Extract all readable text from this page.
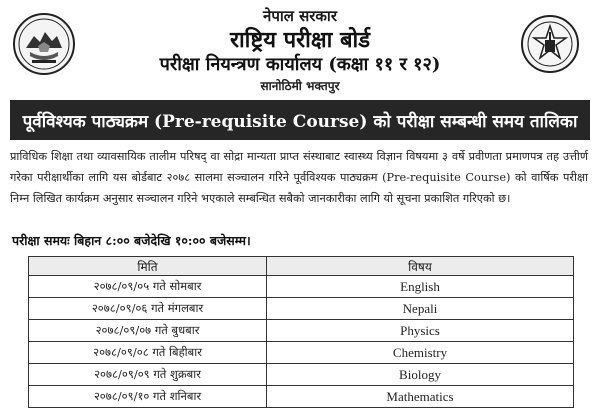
नेपाल सरकार
राष्ट्रिय परीक्षा बोर्ड
परीक्षा नियन्त्रण कार्यालय (कक्षा ११ र १२)
सानोठिमी भक्तपुर
पूर्वविश्यक पाठ्यक्रम (Pre-requisite Course) को परीक्षा सम्बन्धी समय तालिका
प्राविधिक शिक्षा तथा व्यावसायिक तालीम परिषद् वा सोद्रा मान्यता प्राप्त संस्थाबाट स्वास्थ्य विज्ञान विषयमा ३ वर्षे प्रवीणता प्रमाणपत्र तह उत्तीर्ण गरेका परीक्षार्थीका लागि यस बोर्डबाट २०७८ सालमा सञ्चालन गरिने पूर्वविश्यक पाठ्यक्रम (Pre-requisite Course) को वार्षिक परीक्षा निम्न लिखित कार्यक्रम अनुसार सञ्चालन गरिने भएकाले सम्बन्धित सबैको जानकारीका लागि यो सूचना प्रकाशित गरिएको छ।
परीक्षा समयः बिहान ८:०० बजेदेखि १०:०० बजेसम्म।
मिति	विषय
२०७८/०९/०५ गते सोमबार	English
२०७८/०९/०६ गते मंगलबार	Nepali
२०७८/०९/०७ गते बुधबार	Physics
२०७८/०९/०८ गते बिहीबार	Chemistry
२०७८/०९/०९ गते शुक्रबार	Biology
२०७८/०९/१० गते शनिबार	Mathematics
